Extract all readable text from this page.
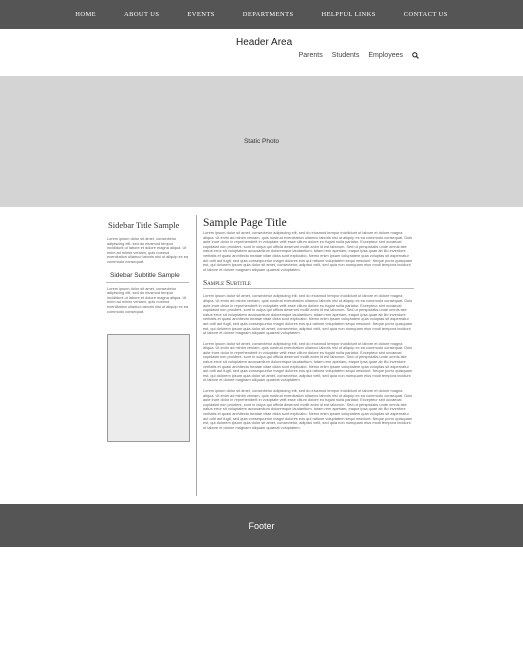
HOME	ABOUT US	EVENTS	DEPARTMENTS	HELPFUL LINKS	CONTACT US
Header Area
Parents Students Employees
Static Photo
Sidebar Title Sample

Lorem ipsum dolor sit amet, consectetur adipiscing elit, sed do eiusmod tempor incididunt ut labore et dolore magna aliqua. Ut enim ad minim veniam, quis nostrud exercitation ullamco laboris nisi ut aliquip ex ea commodo consequat.

Sidebar Subtitle Sample

Lorem ipsum dolor sit amet, consectetur adipiscing elit, sed do eiusmod tempor incididunt ut labore et dolore magna aliqua. Ut enim ad minim veniam, quis nostrud exercitation ullamco laboris nisi ut aliquip ex ea commodo consequat.

Sample Page Title

Lorem ipsum dolor sit amet, consectetur adipiscing elit, sed do eiusmod tempor incididunt ut labore et dolore magna aliqua. Ut enim ad minim veniam, quis nostrud exercitation ullamco laboris nisi ut aliquip ex ea commodo consequat. Duis aute irure dolor in reprehenderit in voluptate velit esse cillum dolore eu fugiat nulla pariatur. Excepteur sint occaecat cupidatat non proident, sunt in culpa qui officia deserunt mollit anim id est laborum. Sed ut perspiciatis unde omnis iste natus error sit voluptatem accusantium doloremque laudantium, totam rem aperiam, eaque ipsa quae ab illo inventore veritatis et quasi architecto beatae vitae dicta sunt explicabo. Nemo enim ipsam voluptatem quia voluptas sit aspernatur aut odit aut fugit, sed quia consequuntur magni dolores eos qui ratione voluptatem sequi nesciunt. Neque porro quisquam est, qui dolorem ipsum quia dolor sit amet, consectetur, adipisci velit, sed quia non numquam eius modi tempora incidunt ut labore et dolore magnam aliquam quaerat voluptatem.

Sample Subtitle

Lorem ipsum dolor sit amet, consectetur adipiscing elit, sed do eiusmod tempor incididunt ut labore et dolore magna aliqua. Ut enim ad minim veniam, quis nostrud exercitation ullamco laboris nisi ut aliquip ex ea commodo consequat. Duis aute irure dolor in reprehenderit in voluptate velit esse cillum dolore eu fugiat nulla pariatur. Excepteur sint occaecat cupidatat non proident, sunt in culpa qui officia deserunt mollit anim id est laborum. Sed ut perspiciatis unde omnis iste natus error sit voluptatem accusantium doloremque laudantium, totam rem aperiam, eaque ipsa quae ab illo inventore veritatis et quasi architecto beatae vitae dicta sunt explicabo. Nemo enim ipsam voluptatem quia voluptas sit aspernatur aut odit aut fugit, sed quia consequuntur magni dolores eos qui ratione voluptatem sequi nesciunt. Neque porro quisquam est, qui dolorem ipsum quia dolor sit amet, consectetur, adipisci velit, sed quia non numquam eius modi tempora incidunt ut labore et dolore magnam aliquam quaerat voluptatem.

Lorem ipsum dolor sit amet, consectetur adipiscing elit, sed do eiusmod tempor incididunt ut labore et dolore magna aliqua. Ut enim ad minim veniam, quis nostrud exercitation ullamco laboris nisi ut aliquip ex ea commodo consequat. Duis aute irure dolor in reprehenderit in voluptate velit esse cillum dolore eu fugiat nulla pariatur. Excepteur sint occaecat cupidatat non proident, sunt in culpa qui officia deserunt mollit anim id est laborum. Sed ut perspiciatis unde omnis iste natus error sit voluptatem accusantium doloremque laudantium, totam rem aperiam, eaque ipsa quae ab illo inventore veritatis et quasi architecto beatae vitae dicta sunt explicabo. Nemo enim ipsam voluptatem quia voluptas sit aspernatur aut odit aut fugit, sed quia consequuntur magni dolores eos qui ratione voluptatem sequi nesciunt. Neque porro quisquam est, qui dolorem ipsum quia dolor sit amet, consectetur, adipisci velit, sed quia non numquam eius modi tempora incidunt ut labore et dolore magnam aliquam quaerat voluptatem.

Lorem ipsum dolor sit amet, consectetur adipiscing elit, sed do eiusmod tempor incididunt ut labore et dolore magna aliqua. Ut enim ad minim veniam, quis nostrud exercitation ullamco laboris nisi ut aliquip ex ea commodo consequat. Duis aute irure dolor in reprehenderit in voluptate velit esse cillum dolore eu fugiat nulla pariatur. Excepteur sint occaecat cupidatat non proident, sunt in culpa qui officia deserunt mollit anim id est laborum. Sed ut perspiciatis unde omnis iste natus error sit voluptatem accusantium doloremque laudantium, totam rem aperiam, eaque ipsa quae ab illo inventore veritatis et quasi architecto beatae vitae dicta sunt explicabo. Nemo enim ipsam voluptatem quia voluptas sit aspernatur aut odit aut fugit, sed quia consequuntur magni dolores eos qui ratione voluptatem sequi nesciunt. Neque porro quisquam est, qui dolorem ipsum quia dolor sit amet, consectetur, adipisci velit, sed quia non numquam eius modi tempora incidunt ut labore et dolore magnam aliquam quaerat voluptatem.

Footer
